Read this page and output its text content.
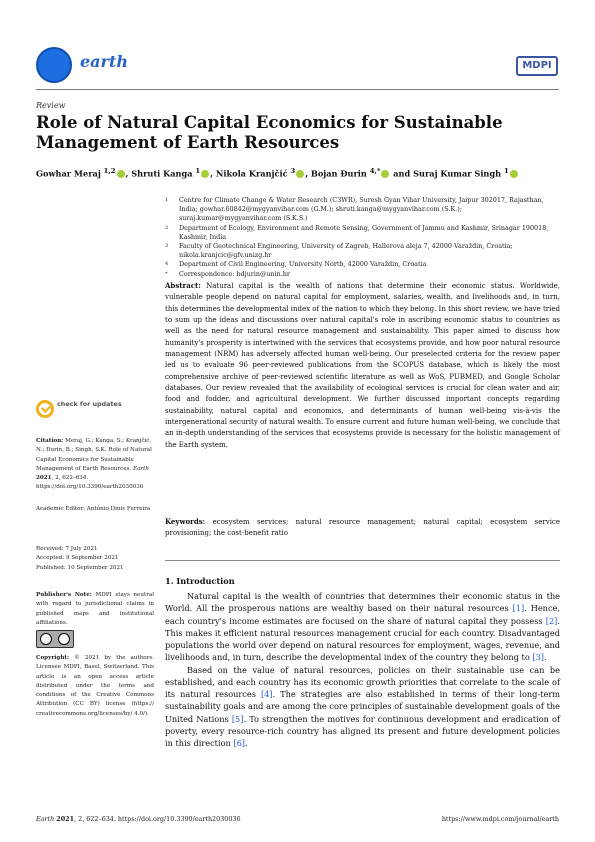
earth	MDPI
Review
Role of Natural Capital Economics for Sustainable Management of Earth Resources
Gowhar Meraj $^{1,2}$ , Shruti Kanga $^1$ , Nikola Kranjčić $^3$ , Bojan Đurin $^{4,*}$ and Suraj Kumar Singh $^1$
1	Centre for Climate Change & Water Research (C3WR), Suresh Gyan Vihar University, Jaipur 302017, Rajasthan, India; gowhar.60842@mygyanvihar.com (G.M.); shruti.kanga@mygyanvihar.com (S.K.); suraj.kumar@mygyanvihar.com (S.K.S.)
2	Department of Ecology, Environment and Remote Sensing, Government of Jammu and Kashmir, Srinagar 190018, Kashmir, India
3	Faculty of Geotechnical Engineering, University of Zagreb, Hallerova aleja 7, 42000 Varaždin, Croatia; nikola.kranjcic@gfv.unizg.hr
4	Department of Civil Engineering, University North, 42000 Varaždin, Croatia
*	Correspondence: bdjurin@unin.hr
Abstract: Natural capital is the wealth of nations that determine their economic status. Worldwide, vulnerable people depend on natural capital for employment, salaries, wealth, and livelihoods and, in turn, this determines the developmental index of the nation to which they belong. In this short review, we have tried to sum up the ideas and discussions over natural capital's role in ascribing economic status to countries as well as the need for natural resource management and sustainability. This paper aimed to discuss how humanity's prosperity is intertwined with the services that ecosystems provide, and how poor natural resource management (NRM) has adversely affected human well-being. Our preselected criteria for the review paper led us to evaluate 96 peer-reviewed publications from the SCOPUS database, which is likely the most comprehensive archive of peer-reviewed scientific literature as well as WoS, PUBMED, and Google Scholar databases. Our review revealed that the availability of ecological services is crucial for clean water and air, food and fodder, and agricultural development. We further discussed important concepts regarding sustainability, natural capital and economics, and determinants of human well-being vis-à-vis the intergenerational security of natural wealth. To ensure current and future human well-being, we conclude that an in-depth understanding of the services that ecosystems provide is necessary for the holistic management of the Earth system.
Keywords: ecosystem services; natural resource management; natural capital; ecosystem service provisioning; the cost-benefit ratio
check for updates
Citation: Meraj, G.; Kanga, S.; Kranjčić, N.; Đurin, B.; Singh, S.K. Role of Natural Capital Economics for Sustainable Management of Earth Resources. Earth 2021, 2, 622–634. https://doi.org/10.3390/earth2030036
Academic Editor: António Dinis Ferreira
Received: 7 July 2021
Accepted: 9 September 2021
Published: 10 September 2021
Publisher's Note: MDPI stays neutral with regard to jurisdictional claims in published maps and institutional affiliations.
Copyright: © 2021 by the authors. Licensee MDPI, Basel, Switzerland. This article is an open access article distributed under the terms and conditions of the Creative Commons Attribution (CC BY) license (https:// creativecommons.org/licenses/by/ 4.0/).
1. Introduction

Natural capital is the wealth of countries that determines their economic status in the World. All the prosperous nations are wealthy based on their natural resources [1]. Hence, each country's income estimates are focused on the share of natural capital they possess [2]. This makes it efficient natural resources management crucial for each country. Disadvantaged populations the world over depend on natural resources for employment, wages, revenue, and livelihoods and, in turn, describe the developmental index of the country they belong to [3].

Based on the value of natural resources, policies on their sustainable use can be established, and each country has its economic growth priorities that correlate to the scale of its natural resources [4]. The strategies are also established in terms of their long-term sustainability goals and are among the core principles of sustainable development goals of the United Nations [5]. To strengthen the motives for continuous development and eradication of poverty, every resource-rich country has aligned its present and future development policies in this direction [6].

Earth 2021, 2, 622–634. https://doi.org/10.3390/earth2030036	https://www.mdpi.com/journal/earth
